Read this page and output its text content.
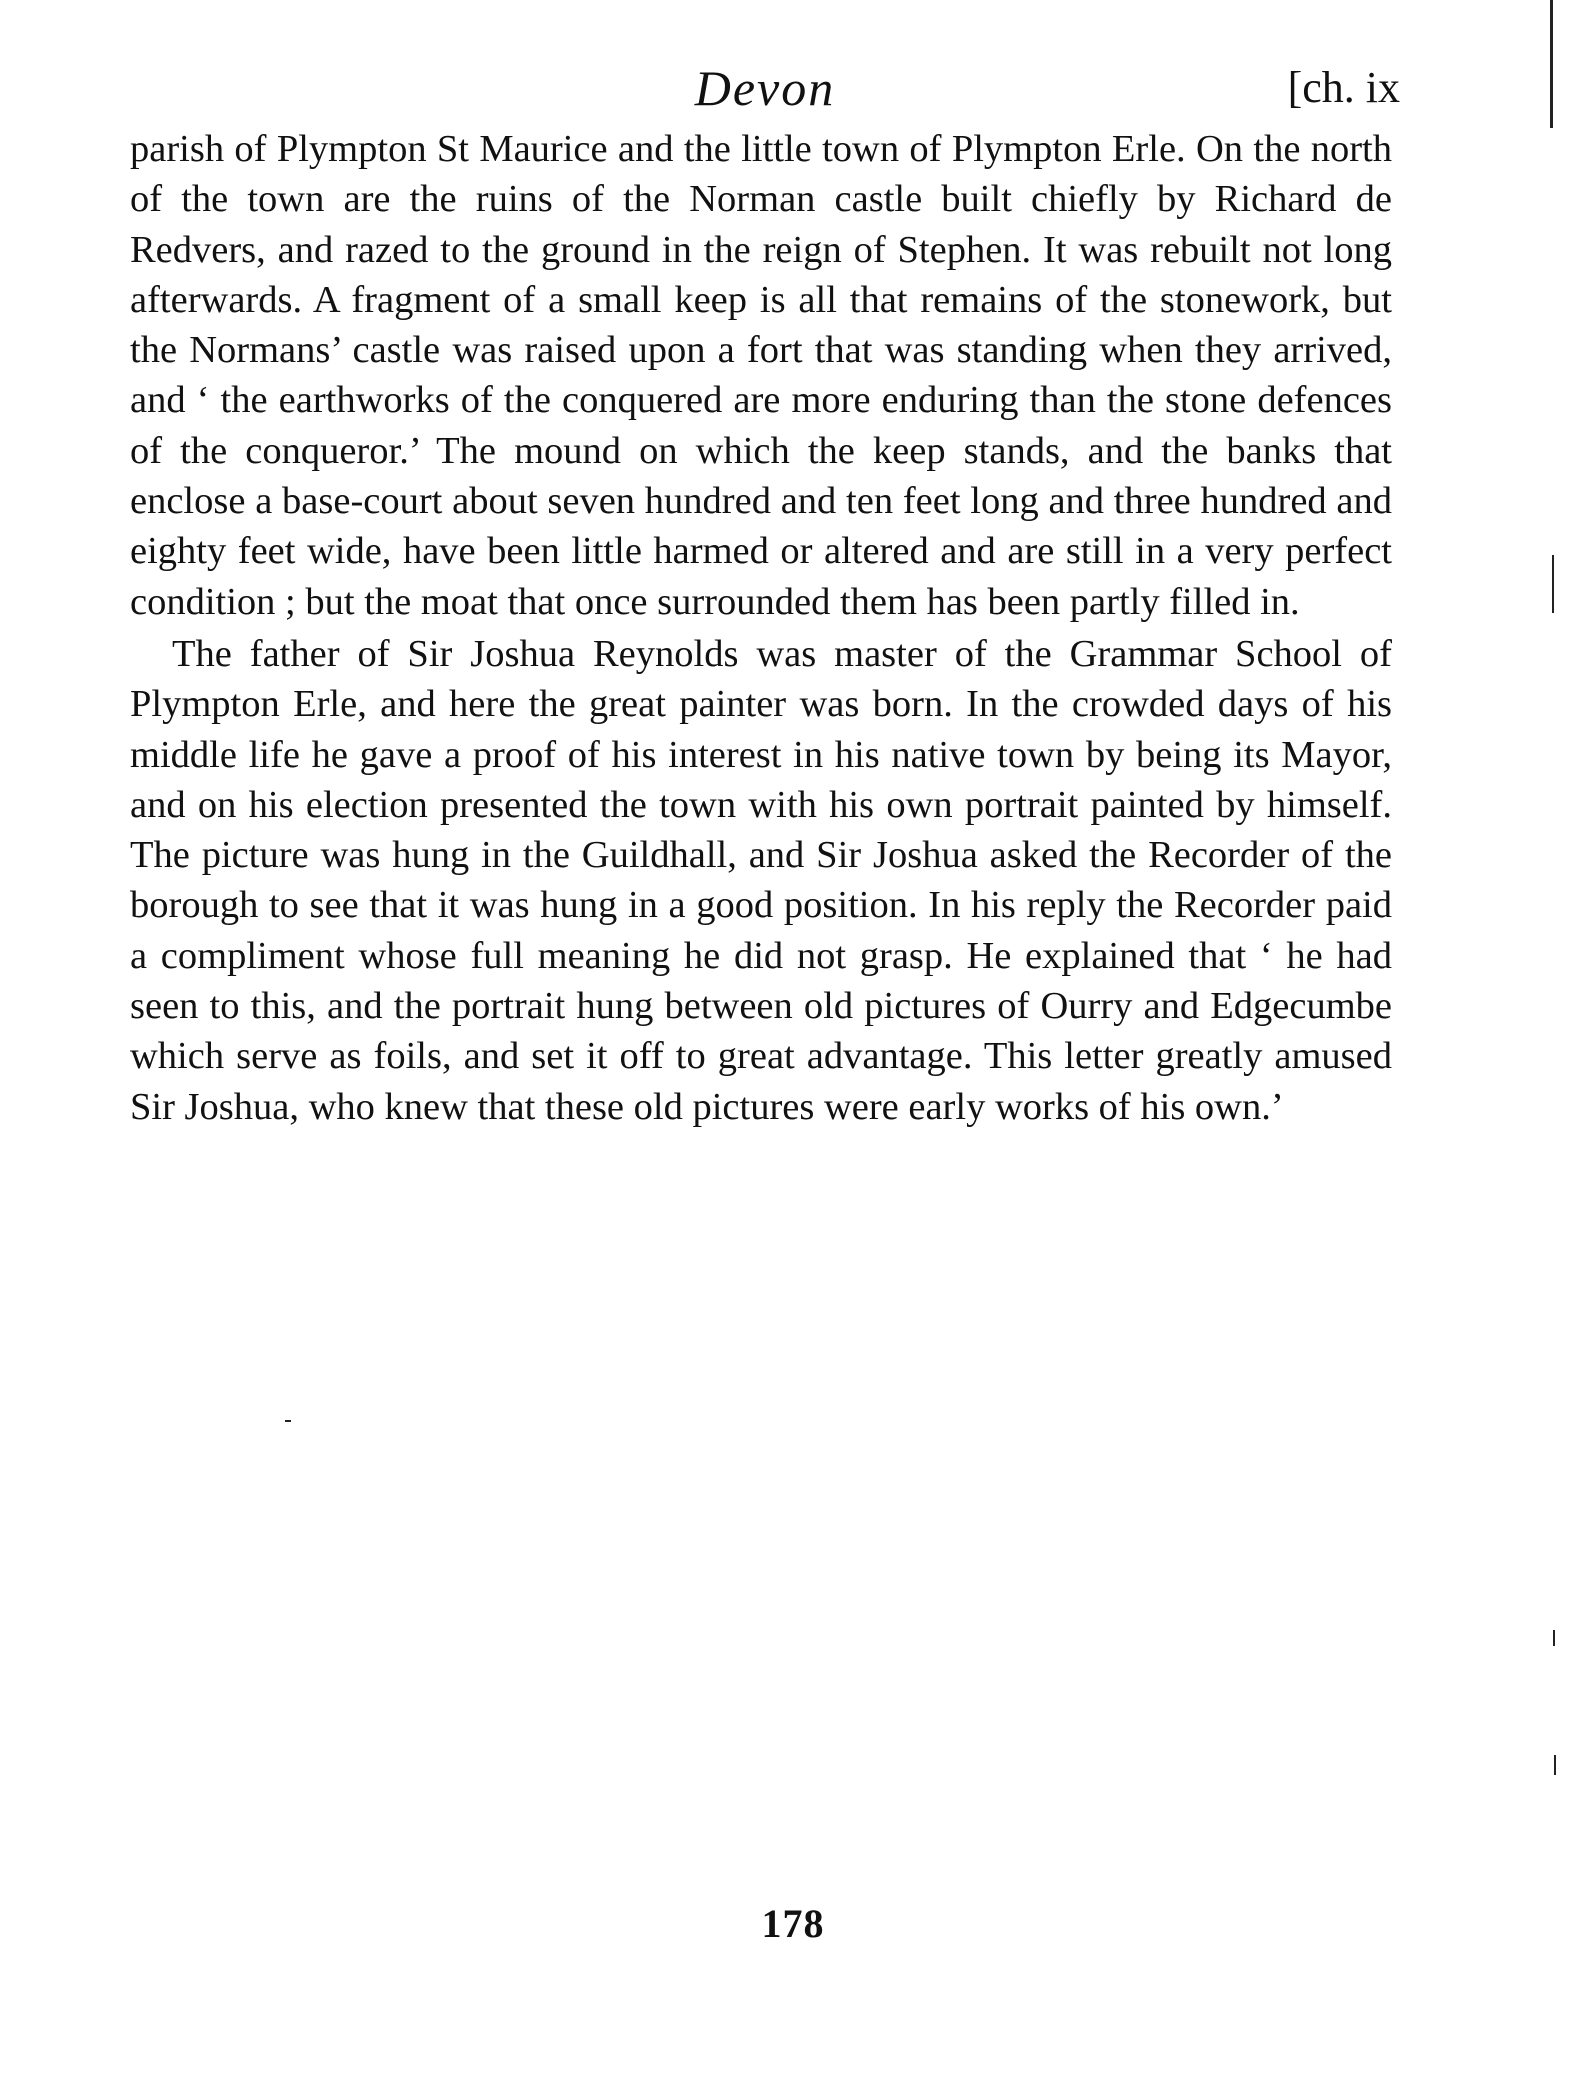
Devon	[ch. ix

parish of Plympton St Maurice and the little town of Plympton Erle. On the north of the town are the ruins of the Norman castle built chiefly by Richard de Redvers, and razed to the ground in the reign of Stephen. It was rebuilt not long afterwards. A fragment of a small keep is all that remains of the stonework, but the Normans’ castle was raised upon a fort that was standing when they arrived, and ‘ the earthworks of the conquered are more enduring than the stone defences of the conqueror.’ The mound on which the keep stands, and the banks that enclose a base-court about seven hundred and ten feet long and three hundred and eighty feet wide, have been little harmed or altered and are still in a very perfect condition ; but the moat that once surrounded them has been partly filled in.

The father of Sir Joshua Reynolds was master of the Grammar School of Plympton Erle, and here the great painter was born. In the crowded days of his middle life he gave a proof of his interest in his native town by being its Mayor, and on his election presented the town with his own portrait painted by himself. The picture was hung in the Guildhall, and Sir Joshua asked the Recorder of the borough to see that it was hung in a good position. In his reply the Recorder paid a compliment whose full meaning he did not grasp. He explained that ‘ he had seen to this, and the portrait hung between old pictures of Ourry and Edgecumbe which serve as foils, and set it off to great advantage. This letter greatly amused Sir Joshua, who knew that these old pictures were early works of his own.’

178
